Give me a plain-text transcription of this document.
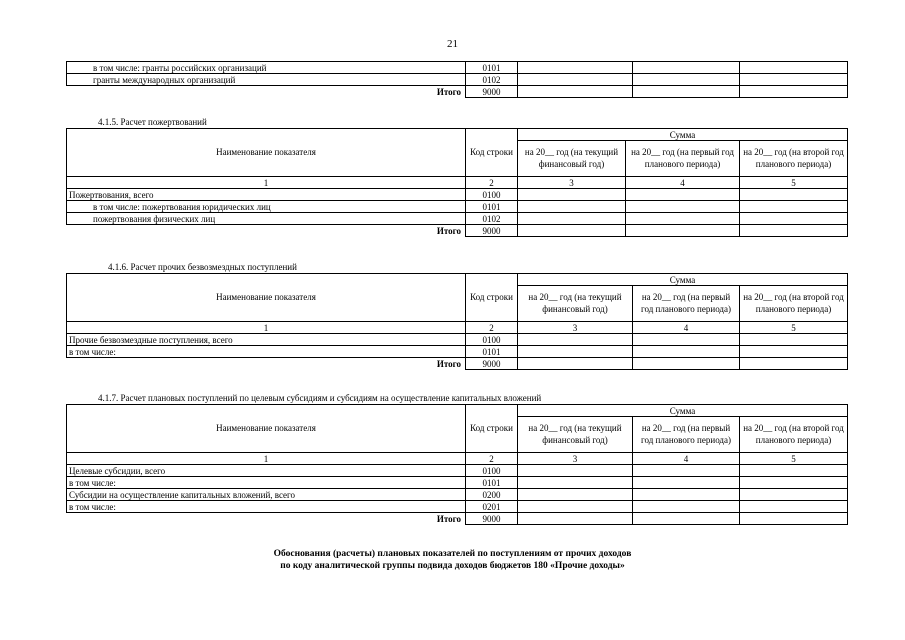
21
в том числе: гранты российских организаций	0101			
гранты международных организаций	0102			
Итого	9000			
4.1.5. Расчет пожертвований
Наименование показателя	Код строки	Сумма		
		на 20__ год (на текущий финансовый год)	на 20__ год (на первый год планового периода)	на 20__ год (на второй год планового периода)
1	2	3	4	5
Пожертвования, всего	0100			
в том числе: пожертвования юридических лиц	0101			
пожертвования физических лиц	0102			
Итого	9000			
4.1.6. Расчет прочих безвозмездных поступлений
Наименование показателя	Код строки	Сумма		
		на 20__ год (на текущий финансовый год)	на 20__ год (на первый год планового периода)	на 20__ год (на второй год планового периода)
1	2	3	4	5
Прочие безвозмездные поступления, всего	0100			
в том числе:	0101			
Итого	9000			
4.1.7. Расчет плановых поступлений по целевым субсидиям и субсидиям на осуществление капитальных вложений
Наименование показателя	Код строки	Сумма		
		на 20__ год (на текущий финансовый год)	на 20__ год (на первый год планового периода)	на 20__ год (на второй год планового периода)
1	2	3	4	5
Целевые субсидии, всего	0100			
в том числе:	0101			
Субсидии на осуществление капитальных вложений, всего	0200			
в том числе:	0201			
Итого	9000			
Обоснования (расчеты) плановых показателей по поступлениям от прочих доходов
по коду аналитической группы подвида доходов бюджетов 180 «Прочие доходы»
